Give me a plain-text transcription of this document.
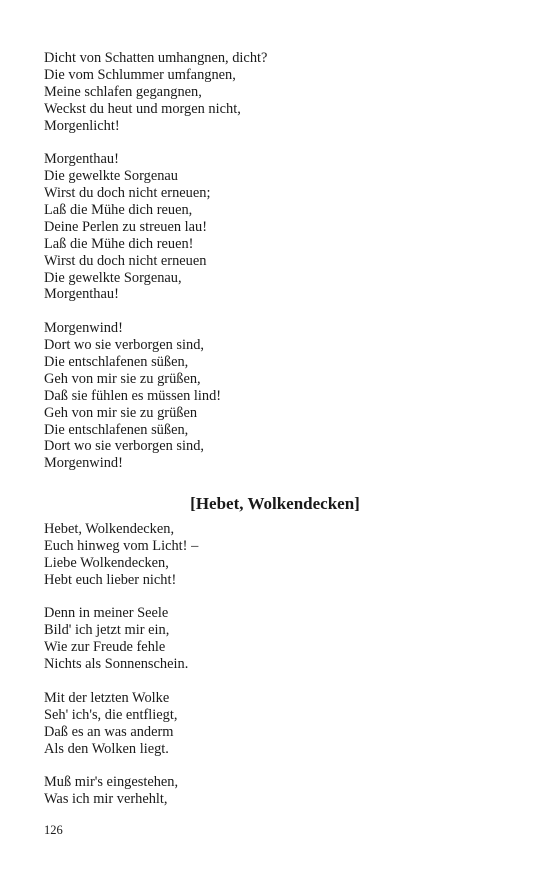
Dicht von Schatten umhangnen, dicht?
Die vom Schlummer umfangnen,
Meine schlafen gegangnen,
Weckst du heut und morgen nicht,
Morgenlicht!
Morgenthau!
Die gewelkte Sorgenau
Wirst du doch nicht erneuen;
Laß die Mühe dich reuen,
Deine Perlen zu streuen lau!
Laß die Mühe dich reuen!
Wirst du doch nicht erneuen
Die gewelkte Sorgenau,
Morgenthau!
Morgenwind!
Dort wo sie verborgen sind,
Die entschlafenen süßen,
Geh von mir sie zu grüßen,
Daß sie fühlen es müssen lind!
Geh von mir sie zu grüßen
Die entschlafenen süßen,
Dort wo sie verborgen sind,
Morgenwind!
[Hebet, Wolkendecken]
Hebet, Wolkendecken,
Euch hinweg vom Licht! –
Liebe Wolkendecken,
Hebt euch lieber nicht!
Denn in meiner Seele
Bild' ich jetzt mir ein,
Wie zur Freude fehle
Nichts als Sonnenschein.
Mit der letzten Wolke
Seh' ich's, die entfliegt,
Daß es an was anderm
Als den Wolken liegt.
Muß mir's eingestehen,
Was ich mir verhehlt,
126
